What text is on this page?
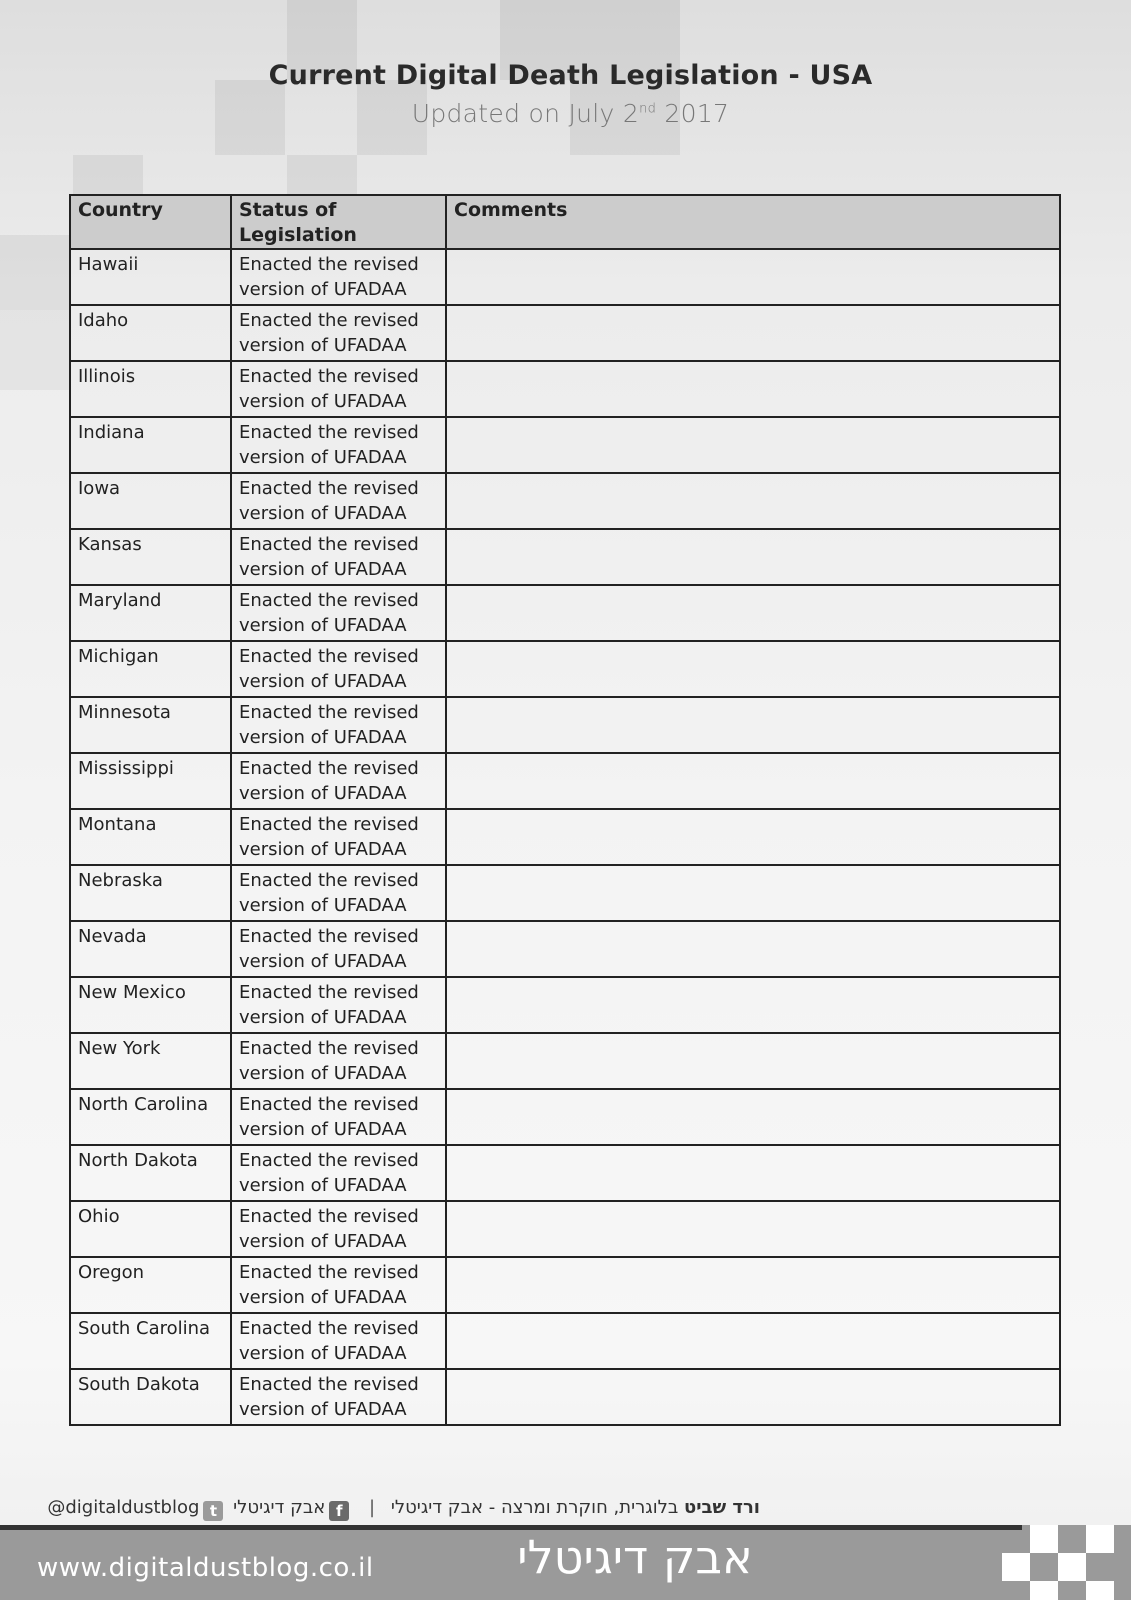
Current Digital Death Legislation - USA
Updated on July 2nd 2017
Country	Status of Legislation	Comments
Hawaii	Enacted the revised
version of UFADAA	
Idaho	Enacted the revised
version of UFADAA	
Illinois	Enacted the revised
version of UFADAA	
Indiana	Enacted the revised
version of UFADAA	
Iowa	Enacted the revised
version of UFADAA	
Kansas	Enacted the revised
version of UFADAA	
Maryland	Enacted the revised
version of UFADAA	
Michigan	Enacted the revised
version of UFADAA	
Minnesota	Enacted the revised
version of UFADAA	
Mississippi	Enacted the revised
version of UFADAA	
Montana	Enacted the revised
version of UFADAA	
Nebraska	Enacted the revised
version of UFADAA	
Nevada	Enacted the revised
version of UFADAA	
New Mexico	Enacted the revised
version of UFADAA	
New York	Enacted the revised
version of UFADAA	
North Carolina	Enacted the revised
version of UFADAA	
North Dakota	Enacted the revised
version of UFADAA	
Ohio	Enacted the revised
version of UFADAA	
Oregon	Enacted the revised
version of UFADAA	
South Carolina	Enacted the revised
version of UFADAA	
South Dakota	Enacted the revised
version of UFADAA	
ורד שביט בלוגרית, חוקרת ומרצה - אבק דיגיטלי | fאבק דיגיטלי t@digitaldustblog
www.digitaldustblog.co.il	אבק דיגיטלי
